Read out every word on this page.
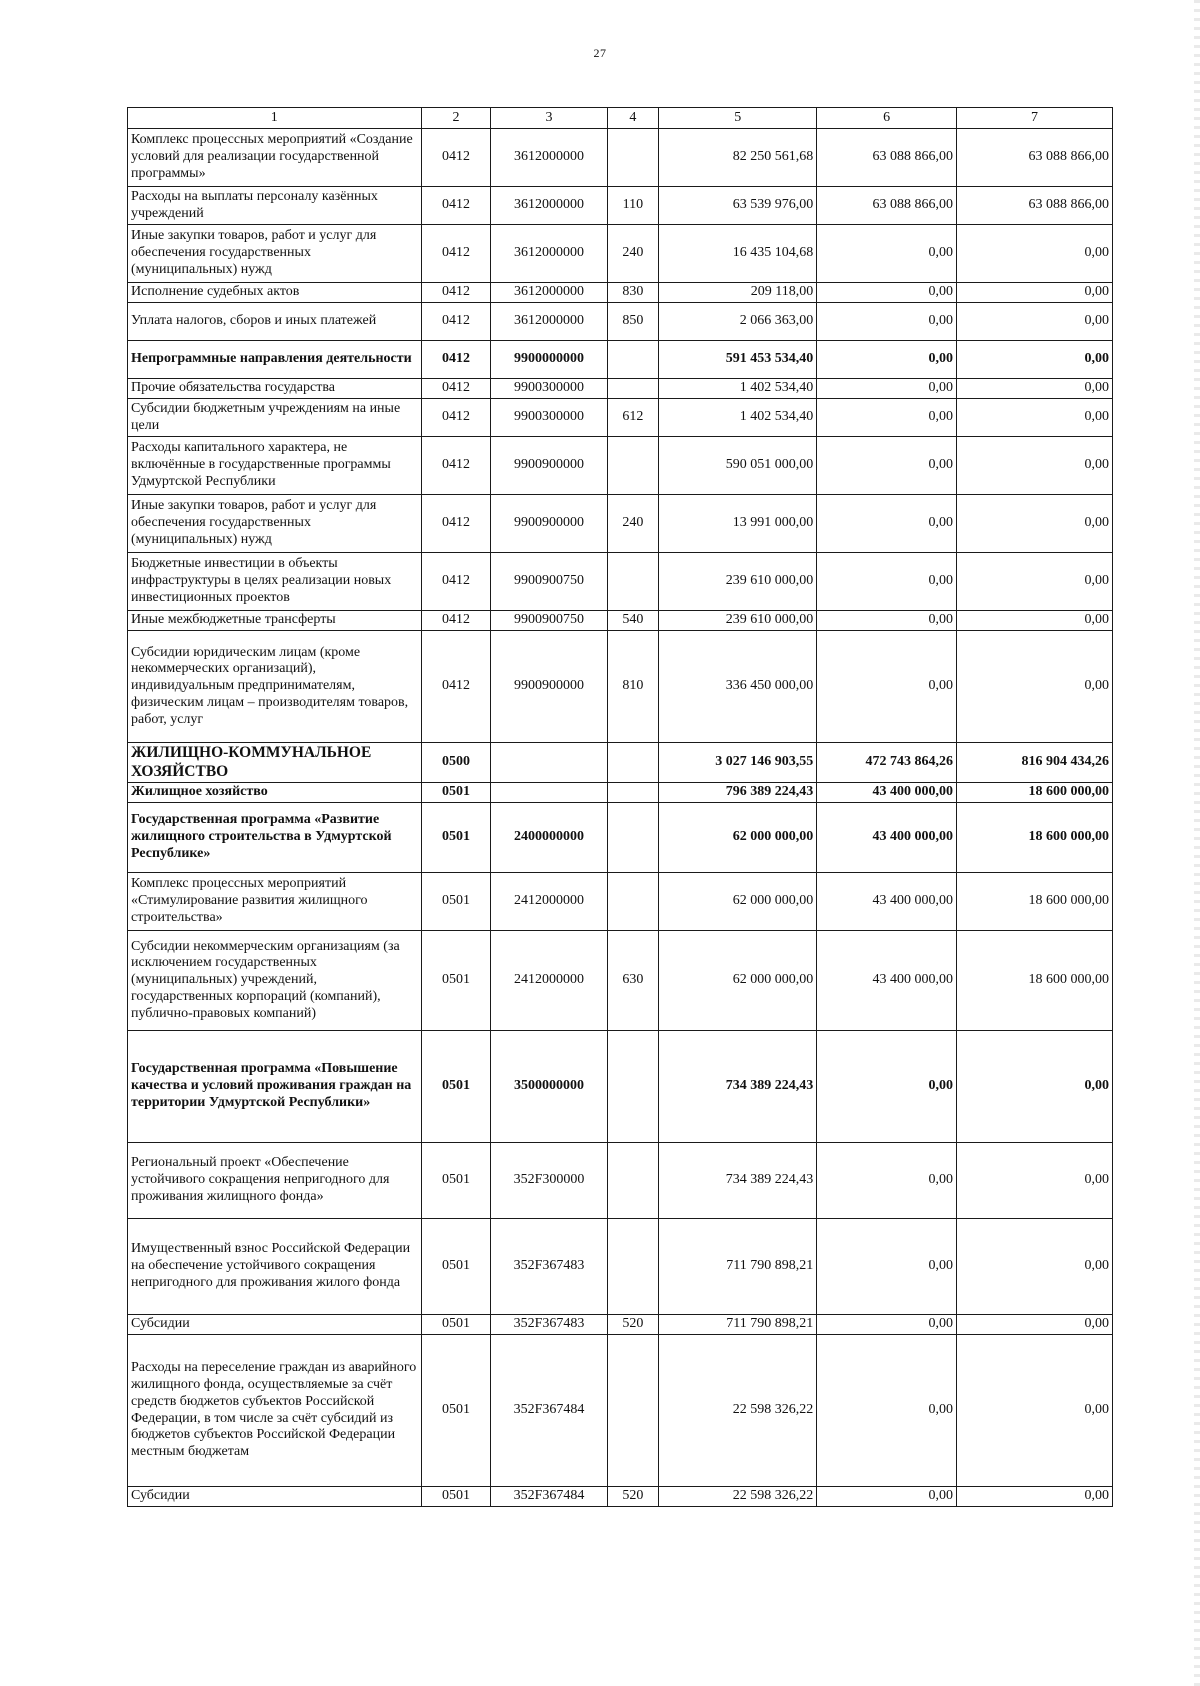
27
1	2	3	4	5	6	7
Комплекс процессных мероприятий «Создание условий для реализации государственной программы»	0412	3612000000		82 250 561,68	63 088 866,00	63 088 866,00
Расходы на выплаты персоналу казённых учреждений	0412	3612000000	110	63 539 976,00	63 088 866,00	63 088 866,00
Иные закупки товаров, работ и услуг для обеспечения государственных (муниципальных) нужд	0412	3612000000	240	16 435 104,68	0,00	0,00
Исполнение судебных актов	0412	3612000000	830	209 118,00	0,00	0,00
Уплата налогов, сборов и иных платежей	0412	3612000000	850	2 066 363,00	0,00	0,00
Непрограммные направления деятельности	0412	9900000000		591 453 534,40	0,00	0,00
Прочие обязательства государства	0412	9900300000		1 402 534,40	0,00	0,00
Субсидии бюджетным учреждениям на иные цели	0412	9900300000	612	1 402 534,40	0,00	0,00
Расходы капитального характера, не включённые в государственные программы Удмуртской Республики	0412	9900900000		590 051 000,00	0,00	0,00
Иные закупки товаров, работ и услуг для обеспечения государственных (муниципальных) нужд	0412	9900900000	240	13 991 000,00	0,00	0,00
Бюджетные инвестиции в объекты инфраструктуры в целях реализации новых инвестиционных проектов	0412	9900900750		239 610 000,00	0,00	0,00
Иные межбюджетные трансферты	0412	9900900750	540	239 610 000,00	0,00	0,00
Субсидии юридическим лицам (кроме некоммерческих организаций), индивидуальным предпринимателям, физическим лицам – производителям товаров, работ, услуг	0412	9900900000	810	336 450 000,00	0,00	0,00
ЖИЛИЩНО-КОММУНАЛЬНОЕ ХОЗЯЙСТВО	0500			3 027 146 903,55	472 743 864,26	816 904 434,26
Жилищное хозяйство	0501			796 389 224,43	43 400 000,00	18 600 000,00
Государственная программа «Развитие жилищного строительства в Удмуртской Республике»	0501	2400000000		62 000 000,00	43 400 000,00	18 600 000,00
Комплекс процессных мероприятий «Стимулирование развития жилищного строительства»	0501	2412000000		62 000 000,00	43 400 000,00	18 600 000,00
Субсидии некоммерческим организациям (за исключением государственных (муниципальных) учреждений, государственных корпораций (компаний), публично-правовых компаний)	0501	2412000000	630	62 000 000,00	43 400 000,00	18 600 000,00
Государственная программа «Повышение качества и условий проживания граждан на территории Удмуртской Республики»	0501	3500000000		734 389 224,43	0,00	0,00
Региональный проект «Обеспечение устойчивого сокращения непригодного для проживания жилищного фонда»	0501	352F300000		734 389 224,43	0,00	0,00
Имущественный взнос Российской Федерации на обеспечение устойчивого сокращения непригодного для проживания жилого фонда	0501	352F367483		711 790 898,21	0,00	0,00
Субсидии	0501	352F367483	520	711 790 898,21	0,00	0,00
Расходы на переселение граждан из аварийного жилищного фонда, осуществляемые за счёт средств бюджетов субъектов Российской Федерации, в том числе за счёт субсидий из бюджетов субъектов Российской Федерации местным бюджетам	0501	352F367484		22 598 326,22	0,00	0,00
Субсидии	0501	352F367484	520	22 598 326,22	0,00	0,00
